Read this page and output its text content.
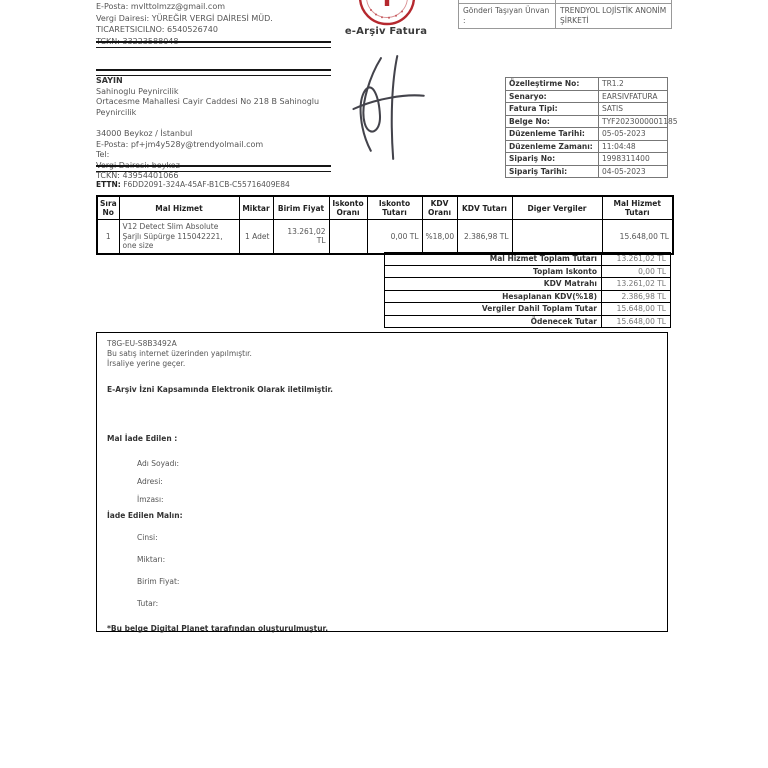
E-Posta: mvlttolmzz@gmail.com
Vergi Dairesi: YÜREĞİR VERGİ DAİRESİ MÜD.
TICARETSICILNO: 6540526740
TCKN: 33223588048
e-Arşiv Fatura

Gönderi Taşıyan Ünvan :	TRENDYOL LOJİSTİK ANONİM ŞİRKETİ
SAYIN
Sahinoglu Peynircilik
Ortacesme Mahallesi Cayir Caddesi No 218 B Sahinoglu Peynircilik
34000 Beykoz / İstanbul
E-Posta: pf+jm4y528y@trendyolmail.com
Tel:
Vergi Dairesi: beykoz
TCKN: 43954401066
Özelleştirme No:	TR1.2
Senaryo:	EARSIVFATURA
Fatura Tipi:	SATIS
Belge No:	TYF2023000001185
Düzenleme Tarihi:	05-05-2023
Düzenleme Zamanı:	11:04:48
Sipariş No:	1998311400
Sipariş Tarihi:	04-05-2023
ETTN: F6DD2091-324A-45AF-B1CB-C55716409E84
Sıra No	Mal Hizmet	Miktar	Birim Fiyat	Iskonto Oranı	Iskonto Tutarı	KDV Oranı	KDV Tutarı	Diger Vergiler	Mal Hizmet Tutarı
1	V12 Detect Slim Absolute Şarjlı Süpürge 115042221, one size	1 Adet	13.261,02 TL		0,00 TL	%18,00	2.386,98 TL		15.648,00 TL
Mal Hizmet Toplam Tutarı	13.261,02 TL
Toplam Iskonto	0,00 TL
KDV Matrahı	13.261,02 TL
Hesaplanan KDV(%18)	2.386,98 TL
Vergiler Dahil Toplam Tutar	15.648,00 TL
Ödenecek Tutar	15.648,00 TL
T8G-EU-S8B3492A
Bu satış internet üzerinden yapılmıştır.
İrsaliye yerine geçer.
E-Arşiv İzni Kapsamında Elektronik Olarak iletilmiştir.
Mal İade Edilen :
Adı Soyadı:
Adresi:
İmzası:
İade Edilen Malın:
Cinsi:
Miktarı:
Birim Fiyat:
Tutar:
*Bu belge Digital Planet tarafından oluşturulmuştur.
